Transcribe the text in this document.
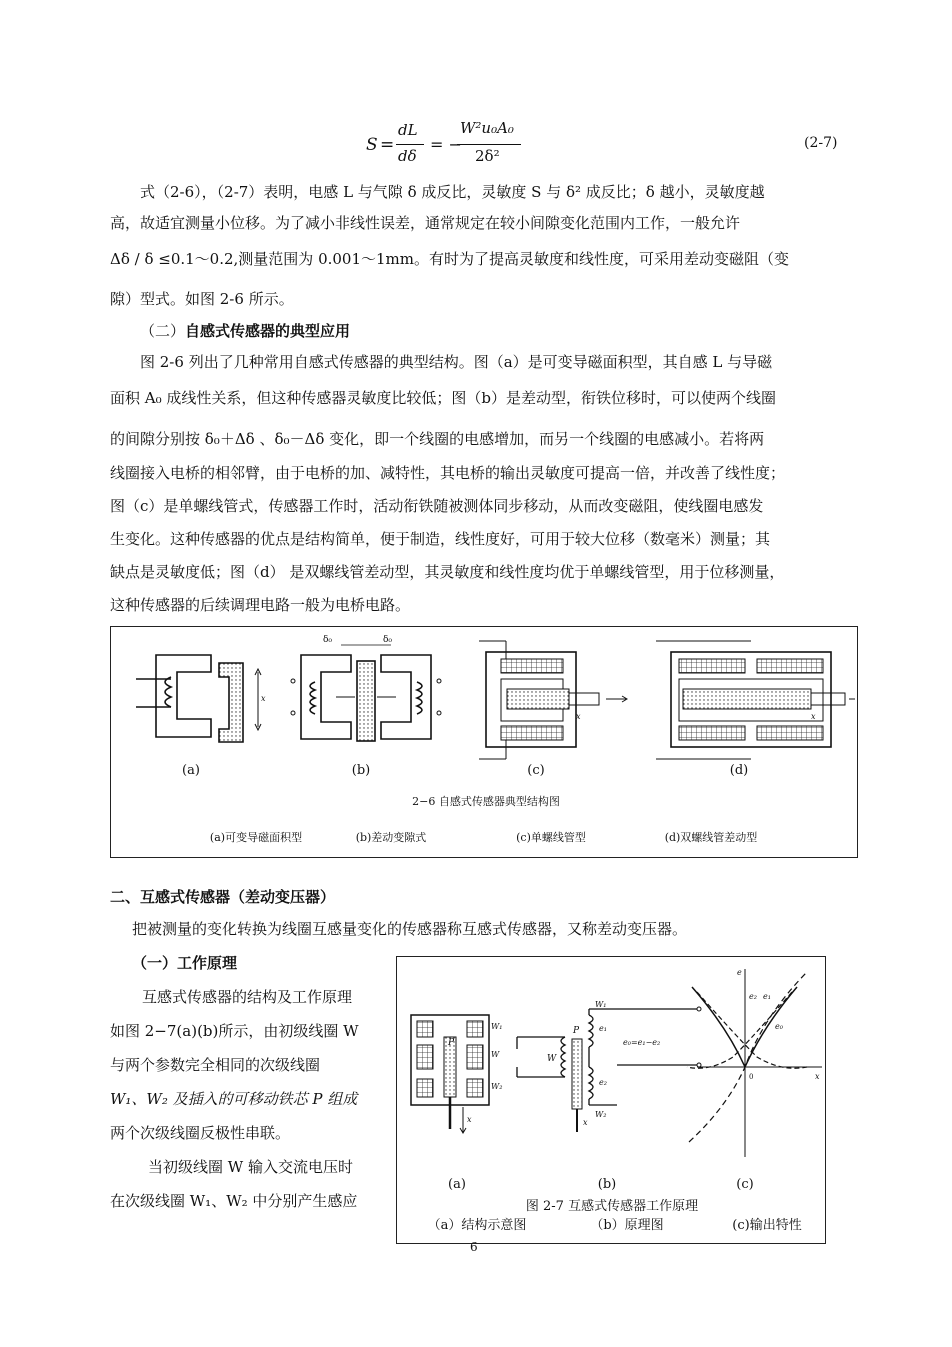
S =
dL
dδ
= −
W²u₀A₀
2δ²
(2-7)
式（2-6），（2-7）表明，电感 L 与气隙 δ 成反比，灵敏度 S 与 δ² 成反比；δ 越小，灵敏度越
高，故适宜测量小位移。为了减小非线性误差，通常规定在较小间隙变化范围内工作，一般允许
Δδ / δ ≤0.1～0.2,测量范围为 0.001～1mm。有时为了提高灵敏度和线性度，可采用差动变磁阻（变
隙）型式。如图 2-6 所示。
（二）自感式传感器的典型应用
图 2-6 列出了几种常用自感式传感器的典型结构。图（a）是可变导磁面积型，其自感 L 与导磁
面积 A₀ 成线性关系，但这种传感器灵敏度比较低；图（b）是差动型，衔铁位移时，可以使两个线圈
的间隙分别按 δ₀＋Δδ 、δ₀－Δδ 变化，即一个线圈的电感增加，而另一个线圈的电感减小。若将两
线圈接入电桥的相邻臂，由于电桥的加、减特性，其电桥的输出灵敏度可提高一倍，并改善了线性度；
图（c）是单螺线管式，传感器工作时，活动衔铁随被测体同步移动，从而改变磁阻，使线圈电感发
生变化。这种传感器的优点是结构简单，便于制造，线性度好，可用于较大位移（数毫米）测量；其
缺点是灵敏度低；图（d） 是双螺线管差动型，其灵敏度和线性度均优于单螺线管型，用于位移测量，
这种传感器的后续调理电路一般为电桥电路。
x
δ₀	δ₀
x	x
(a)	(b)	(c)	(d)
2−6 自感式传感器典型结构图
(a)可变导磁面积型	(b)差动变隙式	(c)单螺线管型	(d)双螺线管差动型
二、互感式传感器（差动变压器）
把被测量的变化转换为线圈互感量变化的传感器称互感式传感器，又称差动变压器。
（一）工作原理
互感式传感器的结构及工作原理
如图 2−7(a)(b)所示，由初级线圈 W
与两个参数完全相同的次级线圈
W₁、W₂ 及插入的可移动铁芯 P 组成
两个次级线圈反极性串联。
当初级线圈 W 输入交流电压时
在次级线圈 W₁、W₂ 中分别产生感应
P
W₁
W
W₂
x
P
W
W₁
W₂
e₁
e₂
e₀=e₁−e₂
x
e
e₂ e₁
e₀
0	x
(a)	(b)	(c)
图 2-7 互感式传感器工作原理
（a）结构示意图	（b）原理图	(c)输出特性
6
